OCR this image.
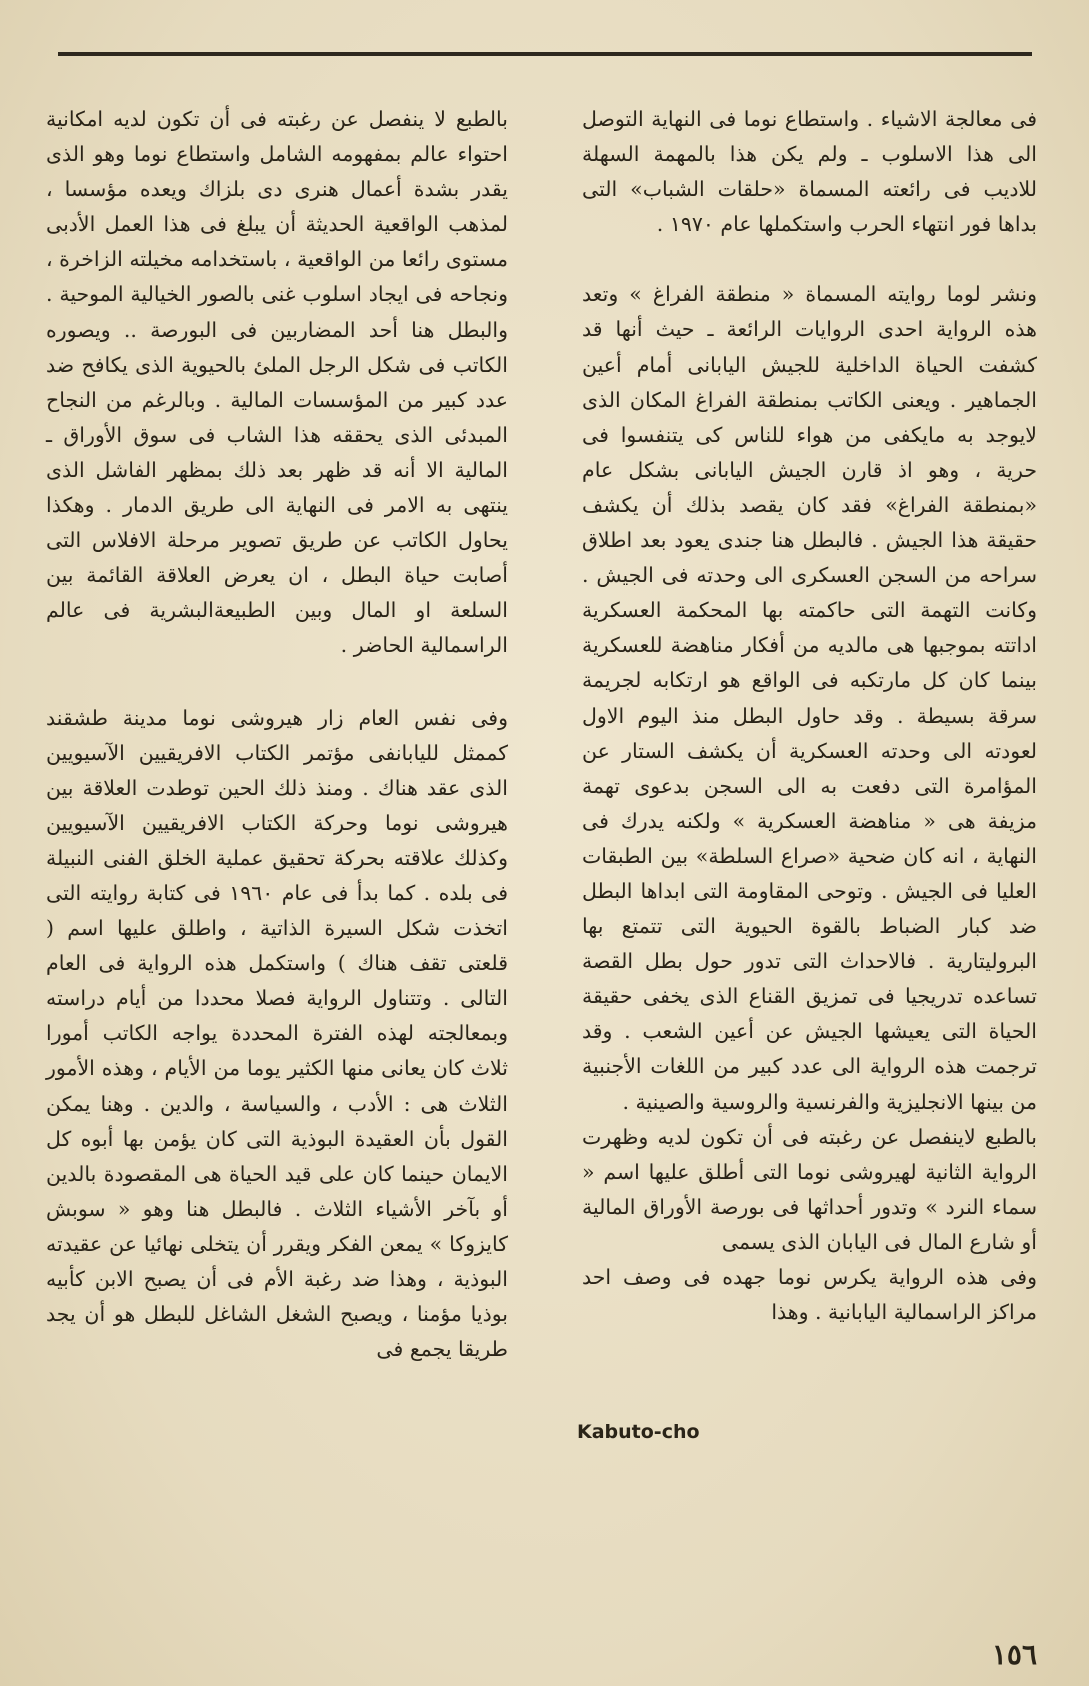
فى معالجة الاشياء . واستطاع نوما فى النهاية التوصل الى هذا الاسلوب ـ ولم يكن هذا بالمهمة السهلة للاديب فى رائعته المسماة «حلقات الشباب» التى بداها فور انتهاء الحرب واستكملها عام ١٩٧٠ .

ونشر لوما روايته المسماة « منطقة الفراغ » وتعد هذه الرواية احدى الروايات الرائعة ـ حيث أنها قد كشفت الحياة الداخلية للجيش اليابانى أمام أعين الجماهير . ويعنى الكاتب بمنطقة الفراغ المكان الذى لايوجد به مايكفى من هواء للناس كى يتنفسوا فى حرية ، وهو اذ قارن الجيش اليابانى بشكل عام «بمنطقة الفراغ» فقد كان يقصد بذلك أن يكشف حقيقة هذا الجيش . فالبطل هنا جندى يعود بعد اطلاق سراحه من السجن العسكرى الى وحدته فى الجيش . وكانت التهمة التى حاكمته بها المحكمة العسكرية اداتته بموجبها هى مالديه من أفكار مناهضة للعسكرية بينما كان كل مارتكبه فى الواقع هو ارتكابه لجريمة سرقة بسيطة . وقد حاول البطل منذ اليوم الاول لعودته الى وحدته العسكرية أن يكشف الستار عن المؤامرة التى دفعت به الى السجن بدعوى تهمة مزيفة هى « مناهضة العسكرية » ولكنه يدرك فى النهاية ، انه كان ضحية «صراع السلطة» بين الطبقات العليا فى الجيش . وتوحى المقاومة التى ابداها البطل ضد كبار الضباط بالقوة الحيوية التى تتمتع بها البروليتارية . فالاحداث التى تدور حول بطل القصة تساعده تدريجيا فى تمزيق القناع الذى يخفى حقيقة الحياة التى يعيشها الجيش عن أعين الشعب . وقد ترجمت هذه الرواية الى عدد كبير من اللغات الأجنبية من بينها الانجليزية والفرنسية والروسية والصينية .

بالطبع لاينفصل عن رغبته فى أن تكون لديه وظهرت الرواية الثانية لهيروشى نوما التى أطلق عليها اسم « سماء النرد » وتدور أحداثها فى بورصة الأوراق المالية أو شارع المال فى اليابان الذى يسمى

وفى هذه الرواية يكرس نوما جهده فى وصف احد مراكز الراسمالية اليابانية . وهذا

Kabuto-cho

بالطبع لا ينفصل عن رغبته فى أن تكون لديه امكانية احتواء عالم بمفهومه الشامل واستطاع نوما وهو الذى يقدر بشدة أعمال هنرى دى بلزاك ويعده مؤسسا ، لمذهب الواقعية الحديثة أن يبلغ فى هذا العمل الأدبى مستوى رائعا من الواقعية ، باستخدامه مخيلته الزاخرة ، ونجاحه فى ايجاد اسلوب غنى بالصور الخيالية الموحية . والبطل هنا أحد المضاربين فى البورصة .. ويصوره الكاتب فى شكل الرجل الملئ بالحيوية الذى يكافح ضد عدد كبير من المؤسسات المالية . وبالرغم من النجاح المبدئى الذى يحققه هذا الشاب فى سوق الأوراق ـ المالية الا أنه قد ظهر بعد ذلك بمظهر الفاشل الذى ينتهى به الامر فى النهاية الى طريق الدمار . وهكذا يحاول الكاتب عن طريق تصوير مرحلة الافلاس التى أصابت حياة البطل ، ان يعرض العلاقة القائمة بين السلعة او المال وبين الطبيعةالبشرية فى عالم الراسمالية الحاضر .

وفى نفس العام زار هيروشى نوما مدينة طشقند كممثل لليابانفى مؤتمر الكتاب الافريقيين الآسيويين الذى عقد هناك . ومنذ ذلك الحين توطدت العلاقة بين هيروشى نوما وحركة الكتاب الافريقيين الآسيويين وكذلك علاقته بحركة تحقيق عملية الخلق الفنى النبيلة فى بلده . كما بدأ فى عام ١٩٦٠ فى كتابة روايته التى اتخذت شكل السيرة الذاتية ، واطلق عليها اسم ( قلعتى تقف هناك ) واستكمل هذه الرواية فى العام التالى . وتتناول الرواية فصلا محددا من أيام دراسته وبمعالجته لهذه الفترة المحددة يواجه الكاتب أمورا ثلاث كان يعانى منها الكثير يوما من الأيام ، وهذه الأمور الثلاث هى : الأدب ، والسياسة ، والدين . وهنا يمكن القول بأن العقيدة البوذية التى كان يؤمن بها أبوه كل الايمان حينما كان على قيد الحياة هى المقصودة بالدين أو بآخر الأشياء الثلاث . فالبطل هنا وهو « سوبش كايزوكا » يمعن الفكر ويقرر أن يتخلى نهائيا عن عقيدته البوذية ، وهذا ضد رغبة الأم فى أن يصبح الابن كأبيه بوذيا مؤمنا ، ويصبح الشغل الشاغل للبطل هو أن يجد طريقا يجمع فى

١٥٦
